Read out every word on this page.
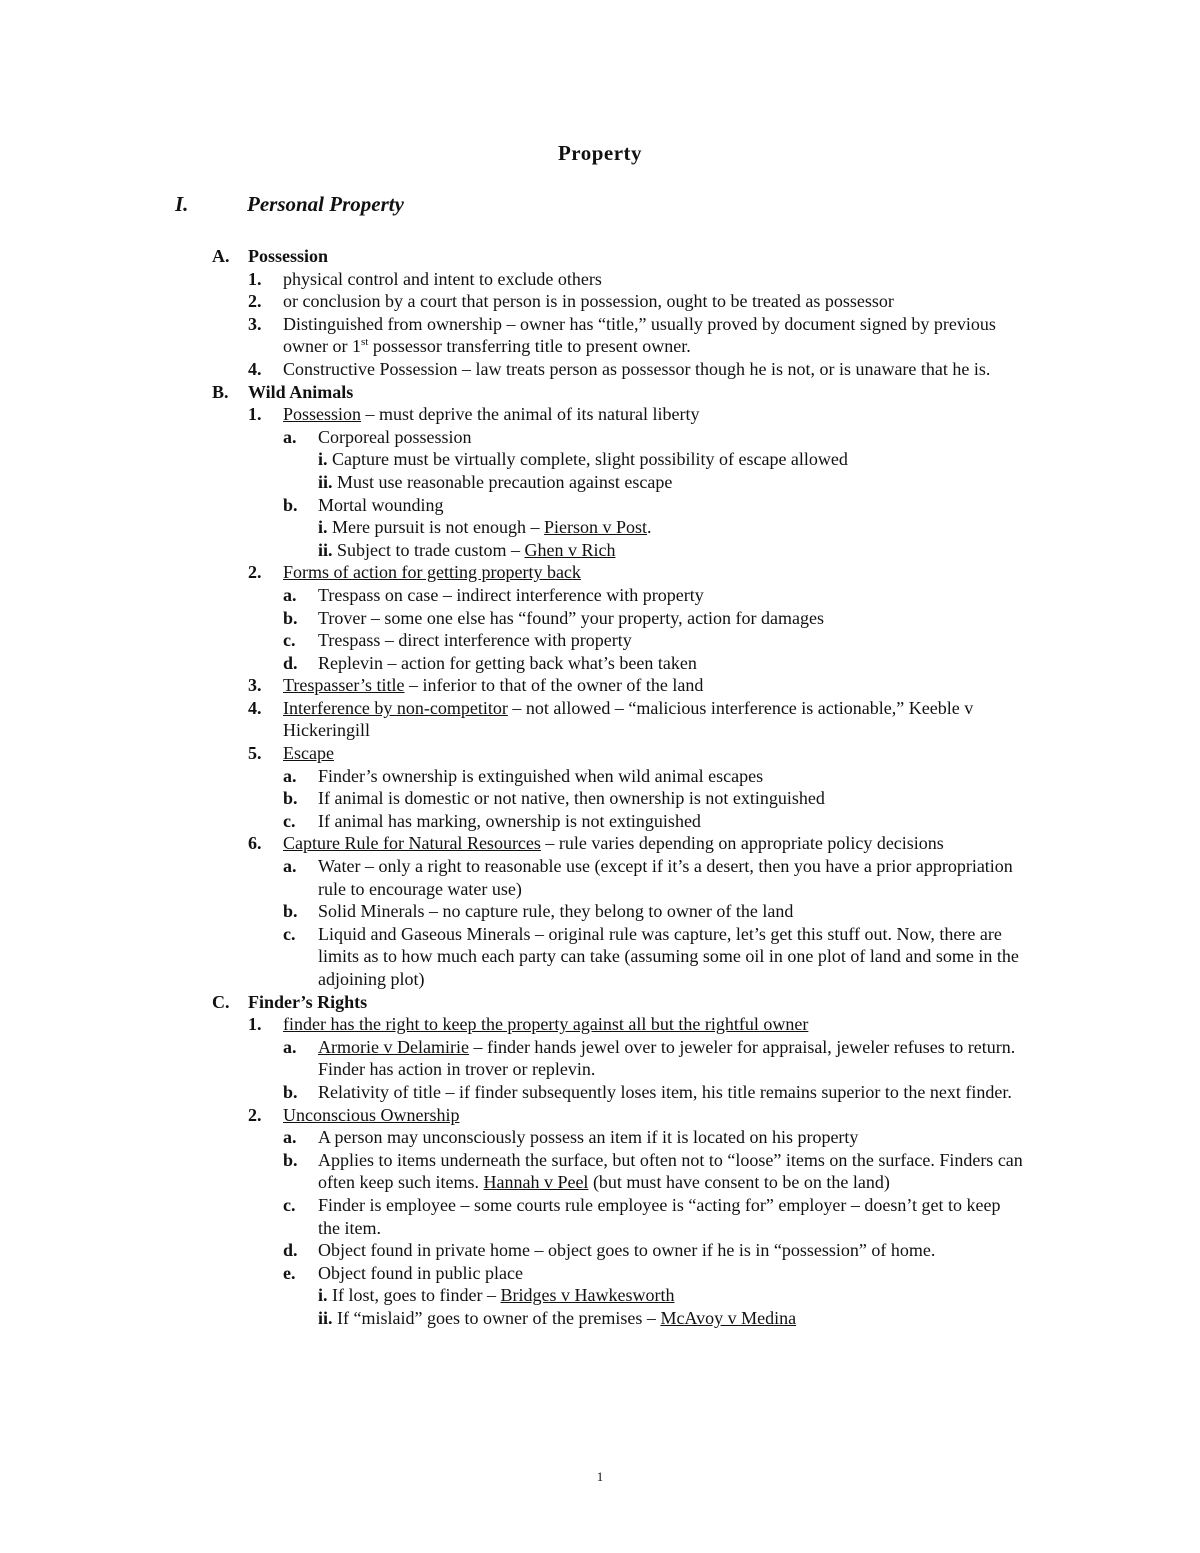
Property
I.	Personal Property
A. Possession
1. physical control and intent to exclude others
2. or conclusion by a court that person is in possession, ought to be treated as possessor
3. Distinguished from ownership – owner has “title,” usually proved by document signed by previous owner or 1st possessor transferring title to present owner.
4. Constructive Possession – law treats person as possessor though he is not, or is unaware that he is.
B. Wild Animals
1. Possession – must deprive the animal of its natural liberty
a. Corporeal possession
i. Capture must be virtually complete, slight possibility of escape allowed
ii. Must use reasonable precaution against escape
b. Mortal wounding
i. Mere pursuit is not enough – Pierson v Post.
ii. Subject to trade custom – Ghen v Rich
2. Forms of action for getting property back
a. Trespass on case – indirect interference with property
b. Trover – some one else has “found” your property, action for damages
c. Trespass – direct interference with property
d. Replevin – action for getting back what’s been taken
3. Trespasser’s title – inferior to that of the owner of the land
4. Interference by non-competitor – not allowed – “malicious interference is actionable,” Keeble v Hickeringill
5. Escape
a. Finder’s ownership is extinguished when wild animal escapes
b. If animal is domestic or not native, then ownership is not extinguished
c. If animal has marking, ownership is not extinguished
6. Capture Rule for Natural Resources – rule varies depending on appropriate policy decisions
a. Water – only a right to reasonable use (except if it’s a desert, then you have a prior appropriation rule to encourage water use)
b. Solid Minerals – no capture rule, they belong to owner of the land
c. Liquid and Gaseous Minerals – original rule was capture, let’s get this stuff out. Now, there are limits as to how much each party can take (assuming some oil in one plot of land and some in the adjoining plot)
C. Finder’s Rights
1. finder has the right to keep the property against all but the rightful owner
a. Armorie v Delamirie – finder hands jewel over to jeweler for appraisal, jeweler refuses to return. Finder has action in trover or replevin.
b. Relativity of title – if finder subsequently loses item, his title remains superior to the next finder.
2. Unconscious Ownership
a. A person may unconsciously possess an item if it is located on his property
b. Applies to items underneath the surface, but often not to “loose” items on the surface. Finders can often keep such items. Hannah v Peel (but must have consent to be on the land)
c. Finder is employee – some courts rule employee is “acting for” employer – doesn’t get to keep the item.
d. Object found in private home – object goes to owner if he is in “possession” of home.
e. Object found in public place
i. If lost, goes to finder – Bridges v Hawkesworth
ii. If “mislaid” goes to owner of the premises – McAvoy v Medina
1
